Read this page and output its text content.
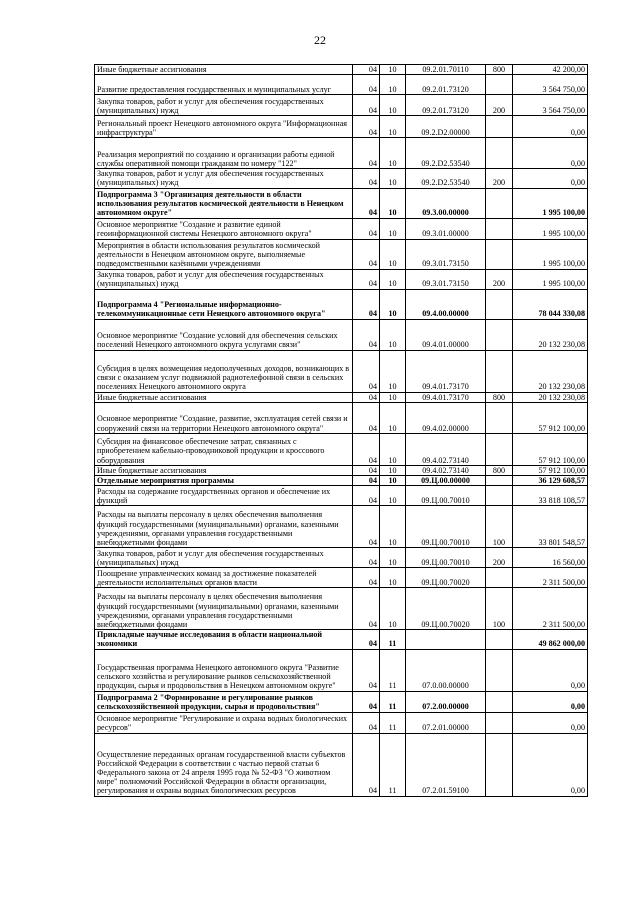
22
Иные бюджетные ассигнования	04	10	09.2.01.70110	800	42 200,00
Развитие предоставления государственных и муниципальных услуг	04	10	09.2.01.73120		3 564 750,00
Закупка товаров, работ и услуг для обеспечения государственных (муниципальных) нужд	04	10	09.2.01.73120	200	3 564 750,00
Региональный проект Ненецкого автономного округа "Информационная инфраструктура"	04	10	09.2.D2.00000		0,00
Реализация мероприятий по созданию и организации работы единой службы оперативной помощи гражданам по номеру "122"	04	10	09.2.D2.53540		0,00
Закупка товаров, работ и услуг для обеспечения государственных (муниципальных) нужд	04	10	09.2.D2.53540	200	0,00
Подпрограмма 3 "Организация деятельности в области использования результатов космической деятельности в Ненецком автономном округе"	04	10	09.3.00.00000		1 995 100,00
Основное мероприятие "Создание и развитие единой геоинформационной системы Ненецкого автономного округа"	04	10	09.3.01.00000		1 995 100,00
Мероприятия в области использования результатов космической деятельности в Ненецком автономном округе, выполняемые подведомственными казёнными учреждениями	04	10	09.3.01.73150		1 995 100,00
Закупка товаров, работ и услуг для обеспечения государственных (муниципальных) нужд	04	10	09.3.01.73150	200	1 995 100,00
Подпрограмма 4 "Региональные информационно-телекоммуникационные сети Ненецкого автономного округа"	04	10	09.4.00.00000		78 044 330,08
Основное мероприятие "Создание условий для обеспечения сельских поселений Ненецкого автономного округа услугами связи"	04	10	09.4.01.00000		20 132 230,08
Субсидия в целях возмещения недополученных доходов, возникающих в связи с оказанием услуг подвижной радиотелефонной связи в сельских поселениях Ненецкого автономного округа	04	10	09.4.01.73170		20 132 230,08
Иные бюджетные ассигнования	04	10	09.4.01.73170	800	20 132 230,08
Основное мероприятие "Создание, развитие, эксплуатация сетей связи и сооружений связи на территории Ненецкого автономного округа"	04	10	09.4.02.00000		57 912 100,00
Субсидия на финансовое обеспечение затрат, связанных с приобретением кабельно-проводниковой продукции и кроссового оборудования	04	10	09.4.02.73140		57 912 100,00
Иные бюджетные ассигнования	04	10	09.4.02.73140	800	57 912 100,00
Отдельные мероприятия программы	04	10	09.Ц.00.00000		36 129 608,57
Расходы на содержание государственных органов и обеспечение их функций	04	10	09.Ц.00.70010		33 818 108,57
Расходы на выплаты персоналу в целях обеспечения выполнения функций государственными (муниципальными) органами, казенными учреждениями, органами управления государственными внебюджетными фондами	04	10	09.Ц.00.70010	100	33 801 548,57
Закупка товаров, работ и услуг для обеспечения государственных (муниципальных) нужд	04	10	09.Ц.00.70010	200	16 560,00
Поощрение управленческих команд за достижение показателей деятельности исполнительных органов власти	04	10	09.Ц.00.70020		2 311 500,00
Расходы на выплаты персоналу в целях обеспечения выполнения функций государственными (муниципальными) органами, казенными учреждениями, органами управления государственными внебюджетными фондами	04	10	09.Ц.00.70020	100	2 311 500,00
Прикладные научные исследования в области национальной экономики	04	11			49 862 000,00
Государственная программа Ненецкого автономного округа "Развитие сельского хозяйства и регулирование рынков сельскохозяйственной продукции, сырья и продовольствия в Ненецком автономном округе"	04	11	07.0.00.00000		0,00
Подпрограмма 2 "Формирование и регулирование рынков сельскохозяйственной продукции, сырья и продовольствия"	04	11	07.2.00.00000		0,00
Основное мероприятие "Регулирование и охрана водных биологических ресурсов"	04	11	07.2.01.00000		0,00
Осуществление переданных органам государственной власти субъектов Российской Федерации в соответствии с частью первой статьи 6 Федерального закона от 24 апреля 1995 года № 52-ФЗ "О животном мире" полномочий Российской Федерации в области организации, регулирования и охраны водных биологических ресурсов	04	11	07.2.01.59100		0,00
